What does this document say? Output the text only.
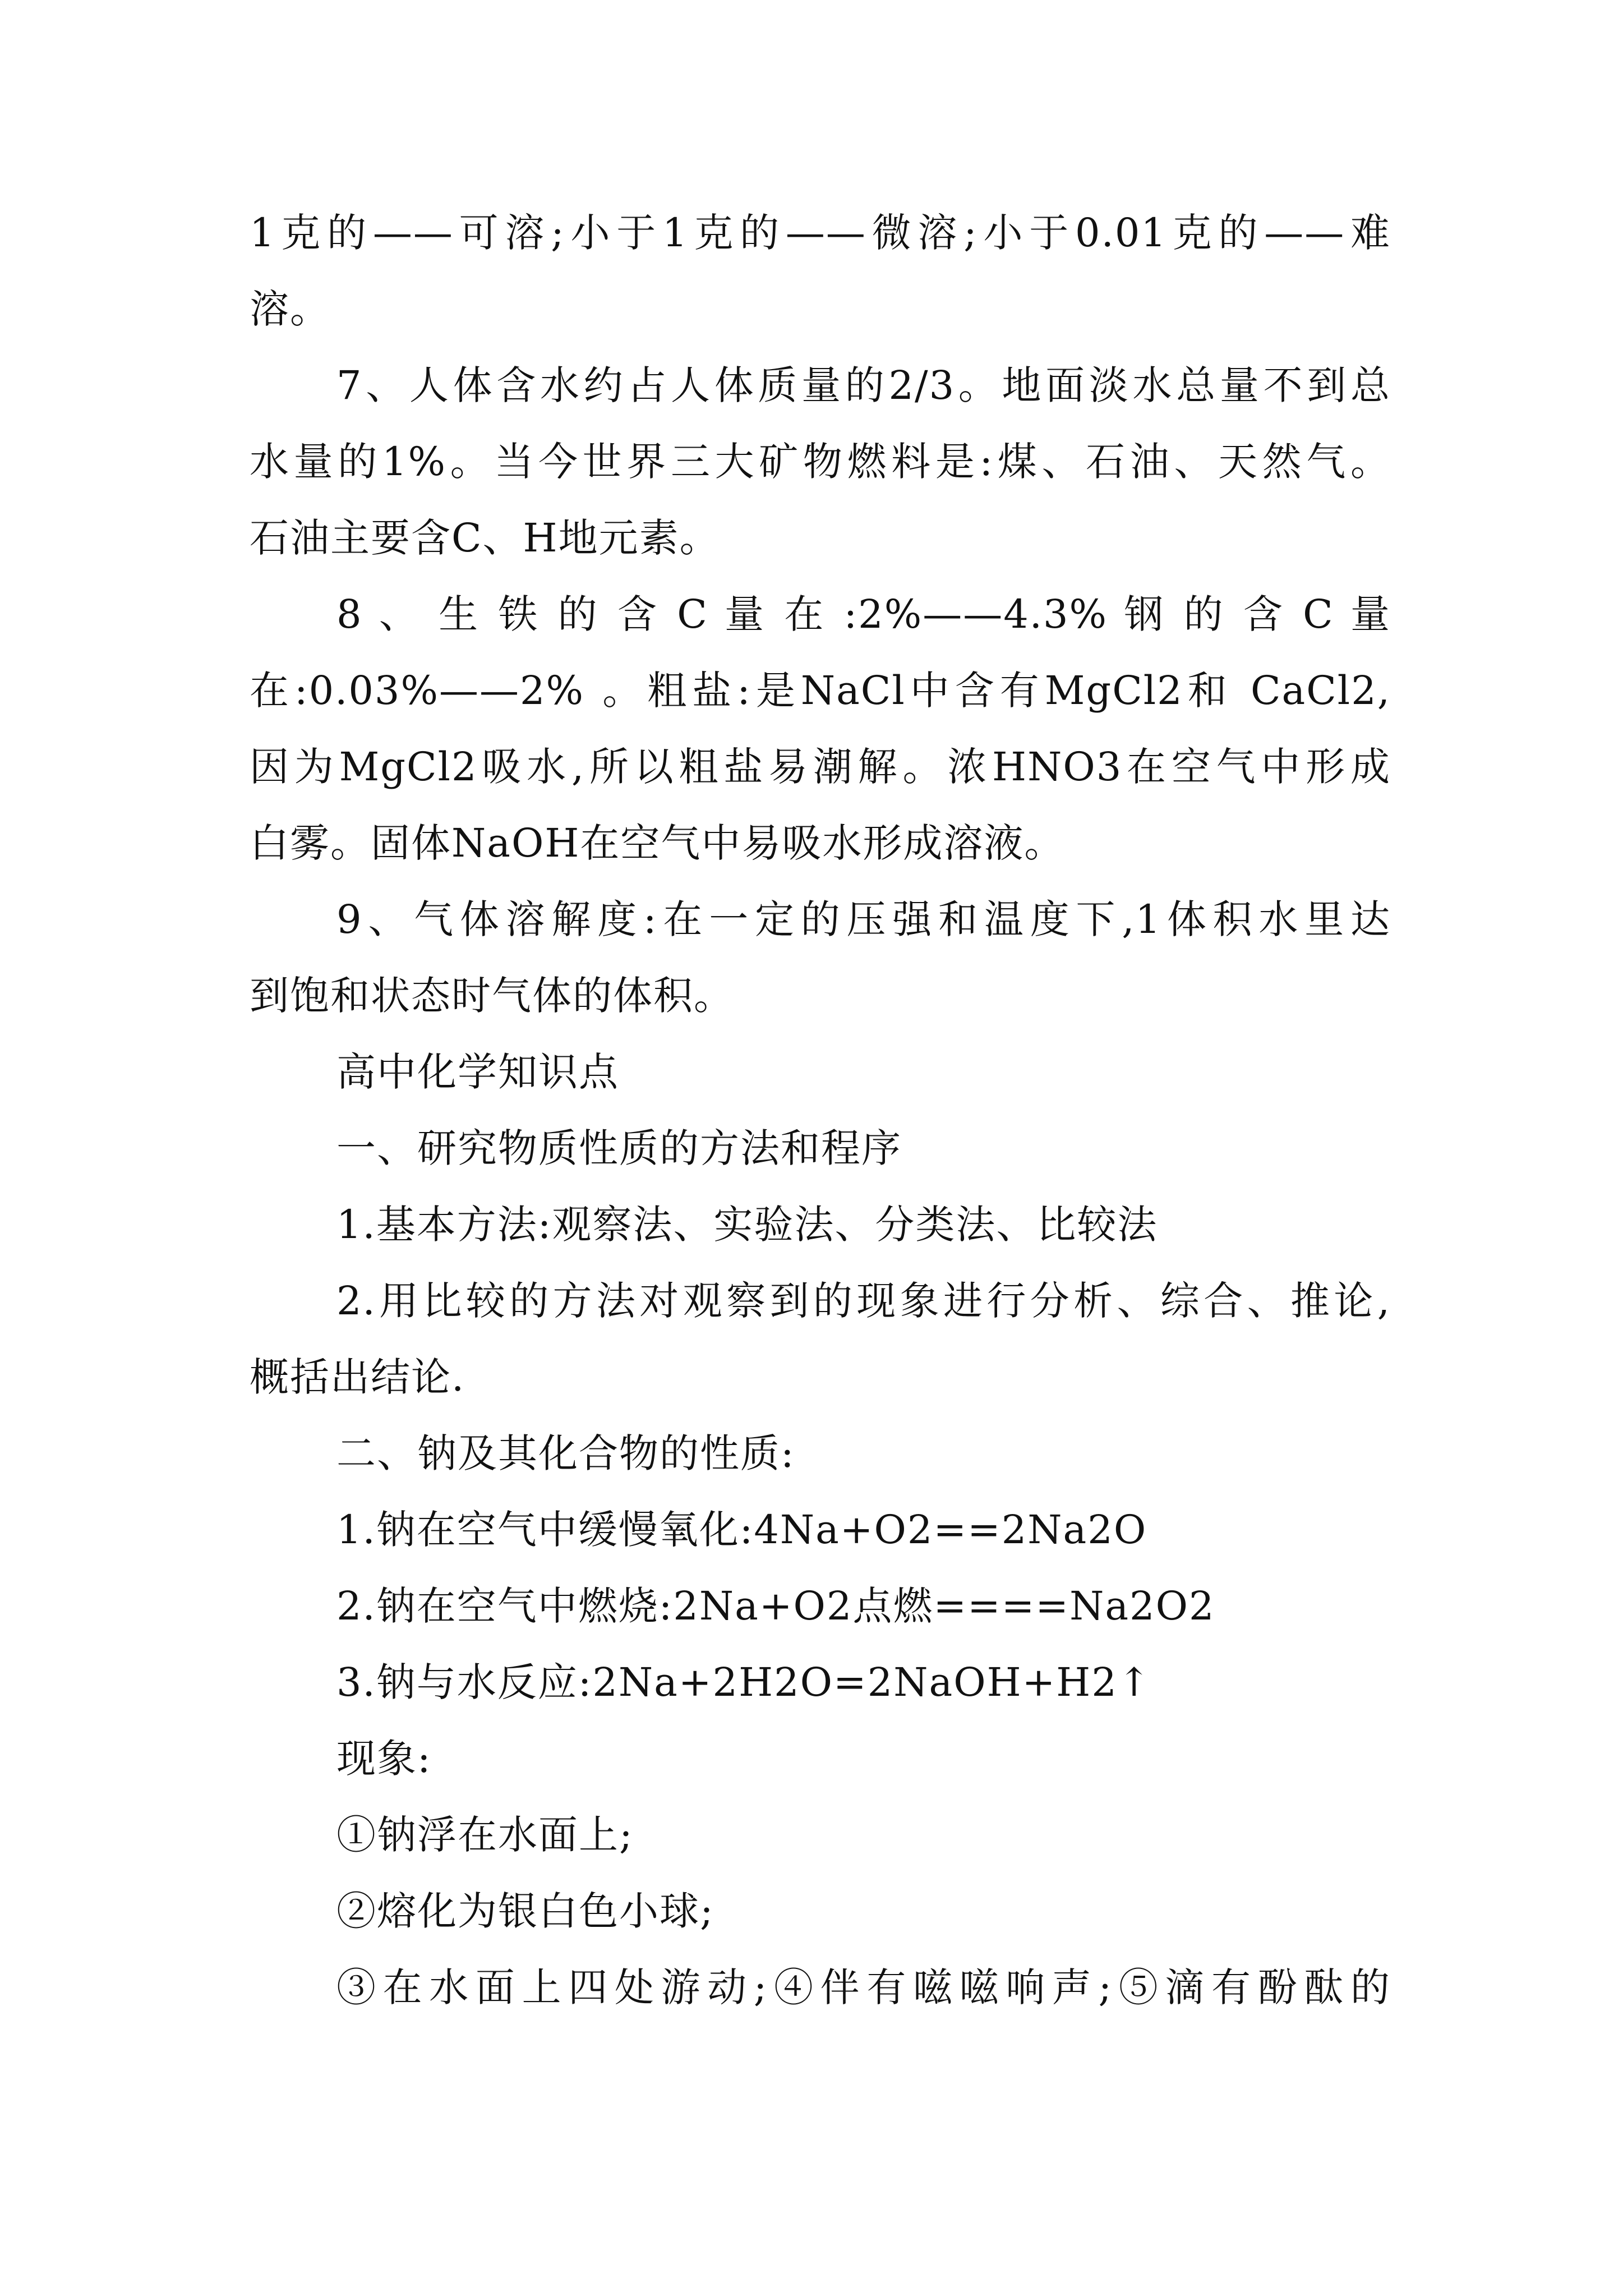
1克的——可溶;小于1克的——微溶;小于0.01克的——难
溶。
7、人体含水约占人体质量的2/3。地面淡水总量不到总
水量的1%。当今世界三大矿物燃料是:煤、石油、天然气。
石油主要含C、H地元素。
8 、 生 铁 的 含 C 量 在 :2%——4.3% 钢 的 含 C 量
在:0.03%——2% 。粗盐:是NaCl中含有MgCl2和 CaCl2,
因为MgCl2吸水,所以粗盐易潮解。浓HNO3在空气中形成
白雾。固体NaOH在空气中易吸水形成溶液。
9、气体溶解度:在一定的压强和温度下,1体积水里达
到饱和状态时气体的体积。
高中化学知识点
一、研究物质性质的方法和程序
1.基本方法:观察法、实验法、分类法、比较法
2.用比较的方法对观察到的现象进行分析、综合、推论,
概括出结论.
二、钠及其化合物的性质:
1.钠在空气中缓慢氧化:4Na+O2==2Na2O
2.钠在空气中燃烧:2Na+O2点燃====Na2O2
3.钠与水反应:2Na+2H2O=2NaOH+H2↑
现象:
①钠浮在水面上;
②熔化为银白色小球;
③在水面上四处游动;④伴有嗞嗞响声;⑤滴有酚酞的
